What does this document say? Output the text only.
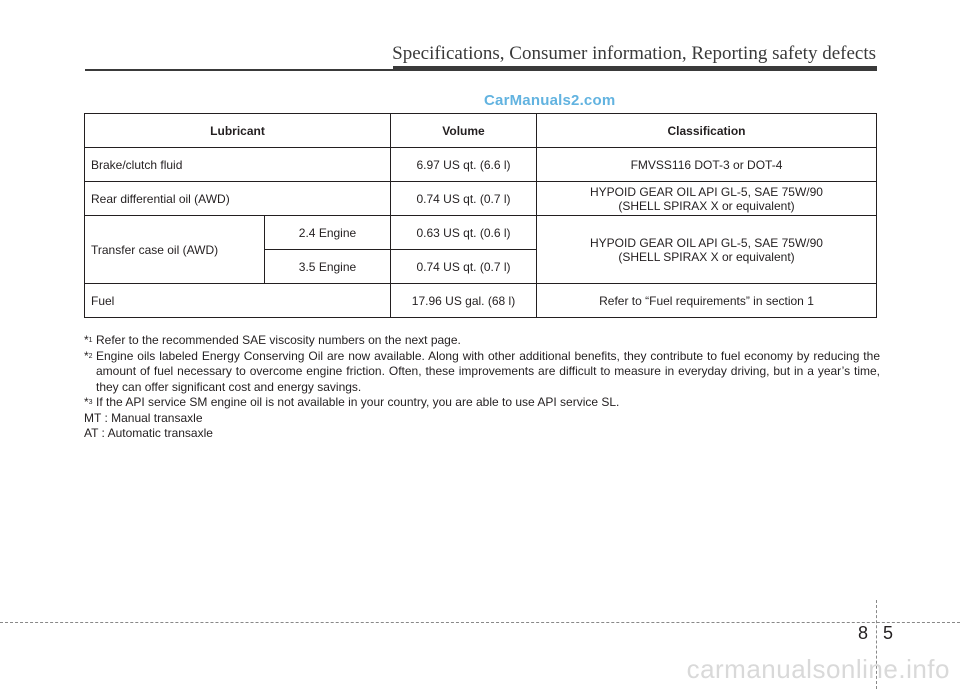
Specifications, Consumer information, Reporting safety defects
CarManuals2.com
Lubricant		Volume	Classification
Brake/clutch fluid		6.97 US qt. (6.6 l)	FMVSS116 DOT-3 or DOT-4
Rear differential oil (AWD)		0.74 US qt. (0.7 l)	HYPOID GEAR OIL API GL-5, SAE 75W/90
(SHELL SPIRAX X or equivalent)

Transfer case oil (AWD)	2.4 Engine	0.63 US qt. (0.6 l)	HYPOID GEAR OIL API GL-5, SAE 75W/90
(SHELL SPIRAX X or equivalent)

	3.5 Engine	0.74 US qt. (0.7 l)	
Fuel		17.96 US gal. (68 l)	Refer to “Fuel requirements” in section 1
*$^1$ Refer to the recommended SAE viscosity numbers on the next page.

*$^2$ Engine oils labeled Energy Conserving Oil are now available. Along with other additional benefits, they contribute to fuel economy by reducing the amount of fuel necessary to overcome engine friction. Often, these improvements are difficult to measure in everyday driving, but in a year’s time, they can offer significant cost and energy savings.

*$^3$ If the API service SM engine oil is not available in your country, you are able to use API service SL.

MT : Manual transaxle

AT : Automatic transaxle

8 5
carmanualsonline.info
